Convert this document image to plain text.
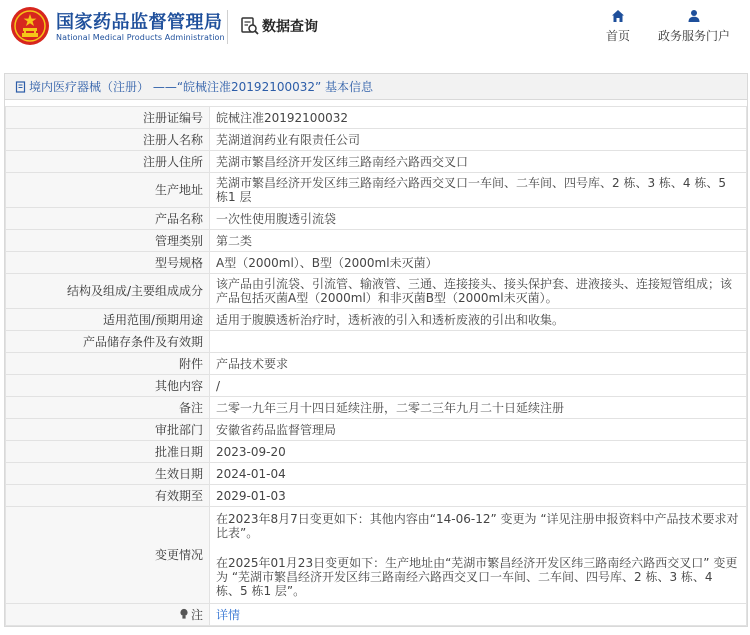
国家药品监督管理局
National Medical Products Administration
数据查询
首页	政务服务门户
境内医疗器械（注册） ——“皖械注准20192100032” 基本信息
注册证编号	皖械注准20192100032
注册人名称	芜湖道润药业有限责任公司
注册人住所	芜湖市繁昌经济开发区纬三路南经六路西交叉口
生产地址	芜湖市繁昌经济开发区纬三路南经六路西交叉口一车间、二车间、四号库、2 栋、3 栋、4 栋、5 栋1 层
产品名称	一次性使用腹透引流袋
管理类别	第二类
型号规格	A型（2000ml）、B型（2000ml未灭菌）
结构及组成/主要组成成分	该产品由引流袋、引流管、输液管、三通、连接接头、接头保护套、进液接头、连接短管组成；该产品包括灭菌A型（2000ml）和非灭菌B型（2000ml未灭菌）。
适用范围/预期用途	适用于腹膜透析治疗时，透析液的引入和透析废液的引出和收集。
产品储存条件及有效期	
附件	产品技术要求
其他内容	/
备注	二零一九年三月十四日延续注册，二零二三年九月二十日延续注册
审批部门	安徽省药品监督管理局
批准日期	2023-09-20
生效日期	2024-01-04
有效期至	2029-01-03
变更情况	在2023年8月7日变更如下：其他内容由“14-06-12” 变更为 “详见注册申报资料中产品技术要求对比表”。
在2025年01月23日变更如下：生产地址由“芜湖市繁昌经济开发区纬三路南经六路西交叉口” 变更为 “芜湖市繁昌经济开发区纬三路南经六路西交叉口一车间、二车间、四号库、2 栋、3 栋、4 栋、5 栋1 层”。

注	详情
